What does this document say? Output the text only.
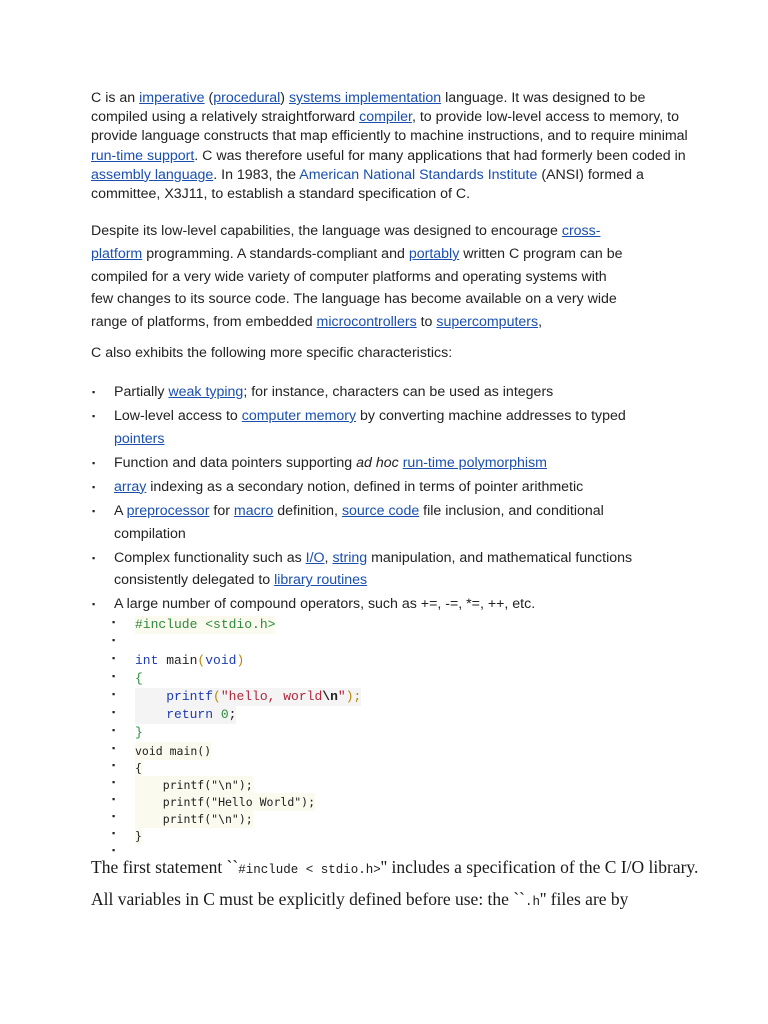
C is an imperative (procedural) systems implementation language. It was designed to be compiled using a relatively straightforward compiler, to provide low-level access to memory, to provide language constructs that map efficiently to machine instructions, and to require minimal run-time support. C was therefore useful for many applications that had formerly been coded in assembly language. In 1983, the American National Standards Institute (ANSI) formed a committee, X3J11, to establish a standard specification of C.

Despite its low-level capabilities, the language was designed to encourage cross-platform programming. A standards-compliant and portably written C program can be compiled for a very wide variety of computer platforms and operating systems with few changes to its source code. The language has become available on a very wide range of platforms, from embedded microcontrollers to supercomputers,

C also exhibits the following more specific characteristics:

▪ Partially weak typing; for instance, characters can be used as integers
▪ Low-level access to computer memory by converting machine addresses to typed pointers
▪ Function and data pointers supporting ad hoc run-time polymorphism
▪ array indexing as a secondary notion, defined in terms of pointer arithmetic
▪ A preprocessor for macro definition, source code file inclusion, and conditional compilation
▪ Complex functionality such as I/O, string manipulation, and mathematical functions consistently delegated to library routines
▪ A large number of compound operators, such as +=, -=, *=, ++, etc.
▪ #include <stdio.h>
▪
▪ int main(void)
▪ {
▪	printf("hello, world\n");
▪	return 0;
▪ }
▪ void main()
▪ {
▪ printf("\n");
▪ printf("Hello World");
▪ printf("\n");
▪ }
▪

The first statement ``#include < stdio.h>'' includes a specification of the C I/O library. All variables in C must be explicitly defined before use: the ``.h'' files are by
